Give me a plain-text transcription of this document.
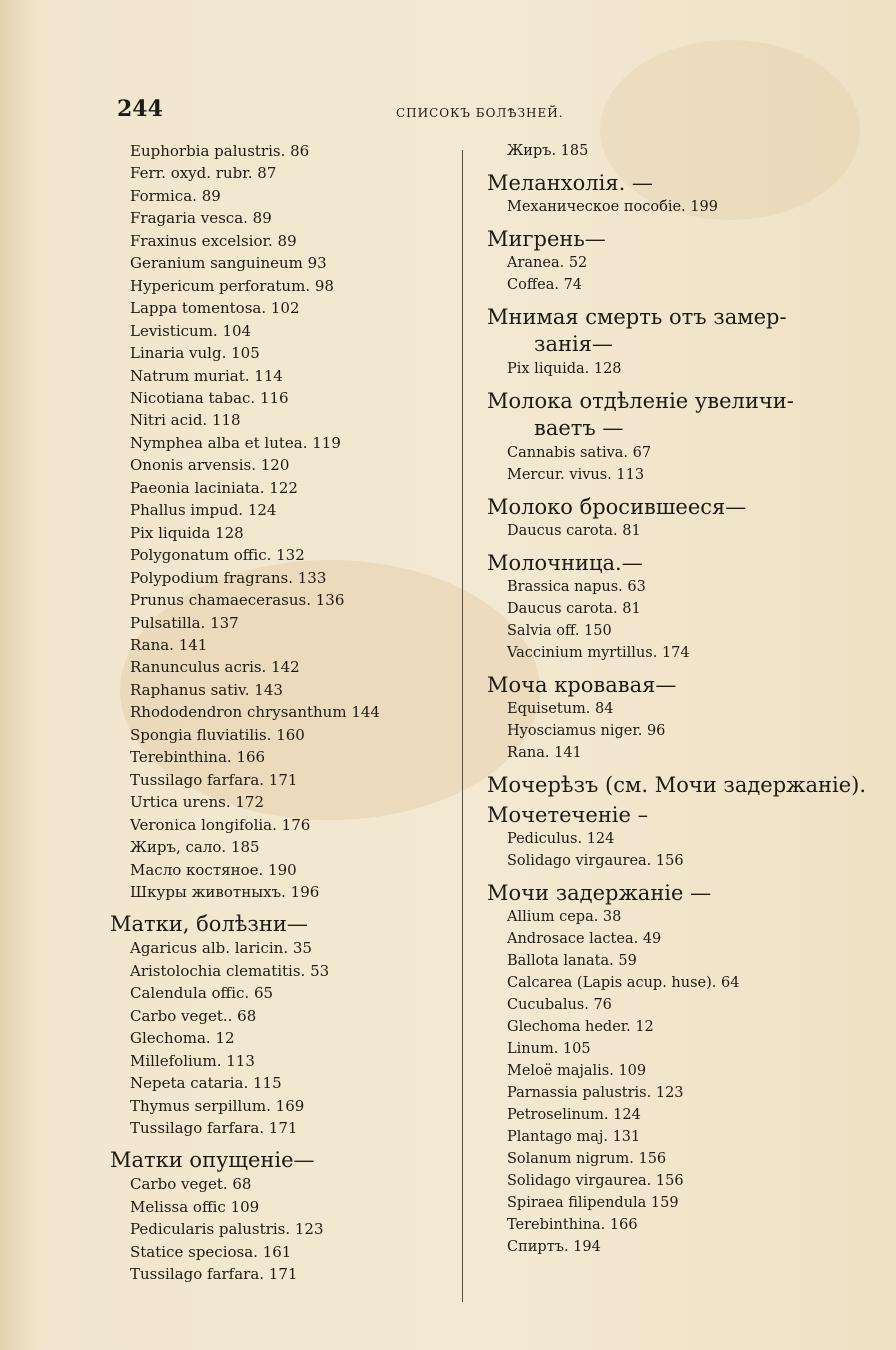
244	СПИСОКЪ БОЛѢЗНЕЙ.
Euphorbia palustris. 86
Ferr. oxyd. rubr. 87
Formica. 89
Fragaria vesca. 89
Fraxinus excelsior. 89
Geranium sanguineum 93
Hypericum perforatum. 98
Lappa tomentosa. 102
Levisticum. 104
Linaria vulg. 105
Natrum muriat. 114
Nicotiana tabac. 116
Nitri acid. 118
Nymphea alba et lutea. 119
Ononis arvensis. 120
Paeonia laciniata. 122
Phallus impud. 124
Pix liquida 128
Polygonatum offic. 132
Polypodium fragrans. 133
Prunus chamaecerasus. 136
Pulsatilla. 137
Rana. 141
Ranunculus acris. 142
Raphanus sativ. 143
Rhododendron chrysanthum 144
Spongia fluviatilis. 160
Terebinthina. 166
Tussilago farfara. 171
Urtica urens. 172
Veronica longifolia. 176
Жиръ, сало. 185
Масло костяное. 190
Шкуры животныхъ. 196
Матки, болѣзни—
Agaricus alb. laricin. 35
Aristolochia clematitis. 53
Calendula offic. 65
Carbo veget.. 68
Glechoma. 12
Millefolium. 113
Nepeta cataria. 115
Thymus serpillum. 169
Tussilago farfara. 171
Матки опущеніе—
Carbo veget. 68
Melissa offic 109
Pedicularis palustris. 123
Statice speciosa. 161
Tussilago farfara. 171
Жиръ. 185
Меланхолія. —
Механическое пособіе. 199
Мигрень—
Aranea. 52
Coffea. 74
Мнимая смерть отъ замер-
занія—
Pix liquida. 128
Молока отдѣленіе увеличи-
ваетъ —
Cannabis sativa. 67
Mercur. vivus. 113
Молоко бросившееся—
Daucus carota. 81
Молочница.—
Brassica napus. 63
Daucus carota. 81
Salvia off. 150
Vaccinium myrtillus. 174
Моча кровавая—
Equisetum. 84
Hyosciamus niger. 96
Rana. 141
Мочерѣзъ (см. Мочи задержаніе).
Мочетеченіе –
Pediculus. 124
Solidago virgaurea. 156
Мочи задержаніе —
Allium cepa. 38
Androsace lactea. 49
Ballota lanata. 59
Calcarea (Lapis acup. huse). 64
Cucubalus. 76
Glechoma heder. 12
Linum. 105
Meloë majalis. 109
Parnassia palustris. 123
Petroselinum. 124
Plantago maj. 131
Solanum nigrum. 156
Solidago virgaurea. 156
Spiraea filipendula 159
Terebinthina. 166
Спиртъ. 194
